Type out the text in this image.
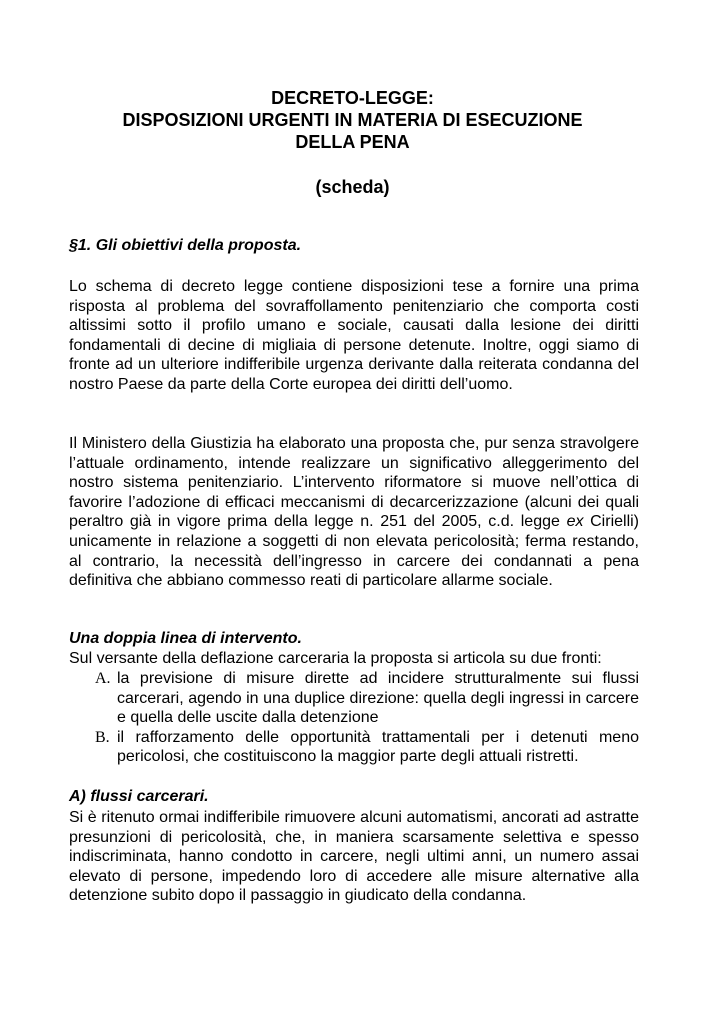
DECRETO-LEGGE:
DISPOSIZIONI URGENTI IN MATERIA DI ESECUZIONE
DELLA PENA
(scheda)
§1. Gli obiettivi della proposta.
Lo schema di decreto legge contiene disposizioni tese a fornire una prima risposta al problema del sovraffollamento penitenziario che comporta costi altissimi sotto il profilo umano e sociale, causati dalla lesione dei diritti fondamentali di decine di migliaia di persone detenute. Inoltre, oggi siamo di fronte ad un ulteriore indifferibile urgenza derivante dalla reiterata condanna del nostro Paese da parte della Corte europea dei diritti dell’uomo.
Il Ministero della Giustizia ha elaborato una proposta che, pur senza stravolgere l’attuale ordinamento, intende realizzare un significativo alleggerimento del nostro sistema penitenziario. L’intervento riformatore si muove nell’ottica di favorire l’adozione di efficaci meccanismi di decarcerizzazione (alcuni dei quali peraltro già in vigore prima della legge n. 251 del 2005, c.d. legge ex Cirielli) unicamente in relazione a soggetti di non elevata pericolosità; ferma restando, al contrario, la necessità dell’ingresso in carcere dei condannati a pena definitiva che abbiano commesso reati di particolare allarme sociale.
Una doppia linea di intervento.
Sul versante della deflazione carceraria la proposta si articola su due fronti:
A. la previsione di misure dirette ad incidere strutturalmente sui flussi carcerari, agendo in una duplice direzione: quella degli ingressi in carcere e quella delle uscite dalla detenzione
B. il rafforzamento delle opportunità trattamentali per i detenuti meno pericolosi, che costituiscono la maggior parte degli attuali ristretti.
A) flussi carcerari.
Si è ritenuto ormai indifferibile rimuovere alcuni automatismi, ancorati ad astratte presunzioni di pericolosità, che, in maniera scarsamente selettiva e spesso indiscriminata, hanno condotto in carcere, negli ultimi anni, un numero assai elevato di persone, impedendo loro di accedere alle misure alternative alla detenzione subito dopo il passaggio in giudicato della condanna.
